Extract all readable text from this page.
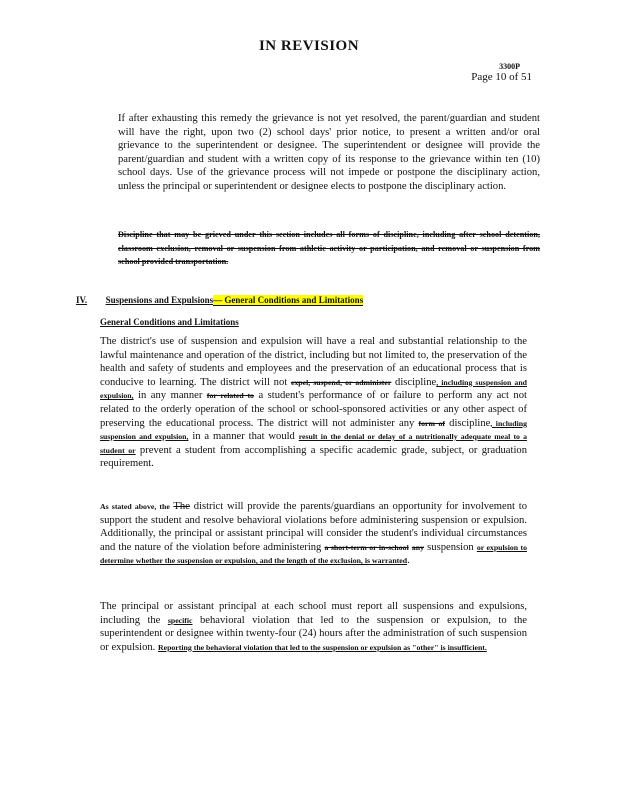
IN REVISION
3300P
Page 10 of 51
If after exhausting this remedy the grievance is not yet resolved, the parent/guardian and student will have the right, upon two (2) school days' prior notice, to present a written and/or oral grievance to the superintendent or designee. The superintendent or designee will provide the parent/guardian and student with a written copy of its response to the grievance within ten (10) school days. Use of the grievance process will not impede or postpone the disciplinary action, unless the principal or superintendent or designee elects to postpone the disciplinary action.
Discipline that may be grieved under this section includes all forms of discipline, including after school detention, classroom exclusion, removal or suspension from athletic activity or participation, and removal or suspension from school provided transportation.
IV. Suspensions and Expulsions— General Conditions and Limitations
General Conditions and Limitations
The district's use of suspension and expulsion will have a real and substantial relationship to the lawful maintenance and operation of the district, including but not limited to, the preservation of the health and safety of students and employees and the preservation of an educational process that is conducive to learning. The district will not expel, suspend, or administer discipline, including suspension and expulsion, in any manner for related to a student's performance of or failure to perform any act not related to the orderly operation of the school or school-sponsored activities or any other aspect of preserving the educational process. The district will not administer any form of discipline, including suspension and expulsion, in a manner that would result in the denial or delay of a nutritionally adequate meal to a student or prevent a student from accomplishing a specific academic grade, subject, or graduation requirement.
As stated above, the The district will provide the parents/guardians an opportunity for involvement to support the student and resolve behavioral violations before administering suspension or expulsion. Additionally, the principal or assistant principal will consider the student's individual circumstances and the nature of the violation before administering a short-term or in-school any suspension or expulsion to determine whether the suspension or expulsion, and the length of the exclusion, is warranted.
The principal or assistant principal at each school must report all suspensions and expulsions, including the specific behavioral violation that led to the suspension or expulsion, to the superintendent or designee within twenty-four (24) hours after the administration of such suspension or expulsion. Reporting the behavioral violation that led to the suspension or expulsion as "other" is insufficient.
